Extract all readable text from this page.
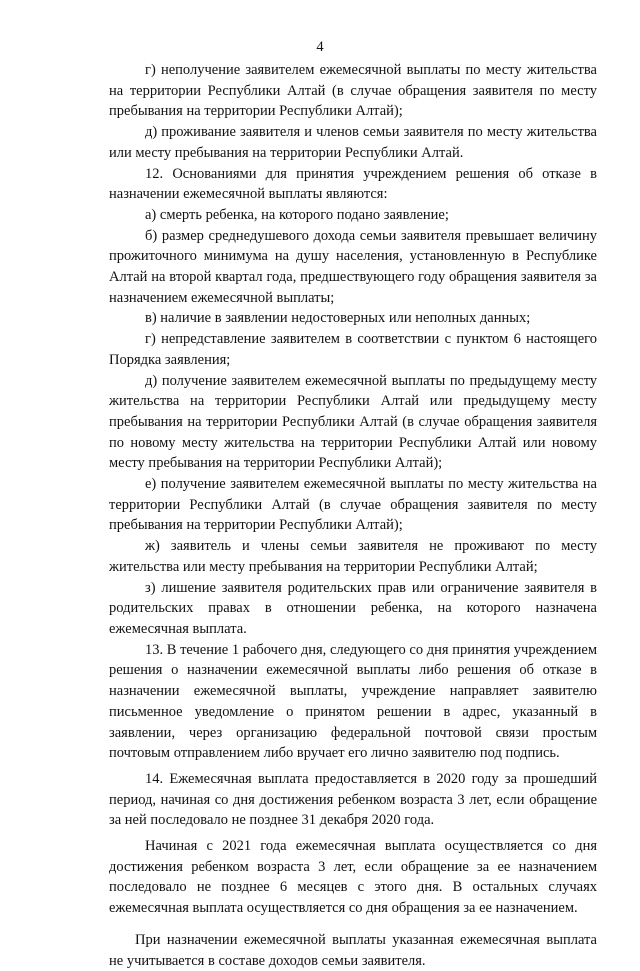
4

г) неполучение заявителем ежемесячной выплаты по месту жительства на территории Республики Алтай (в случае обращения заявителя по месту пребывания на территории Республики Алтай);

д) проживание заявителя и членов семьи заявителя по месту жительства или месту пребывания на территории Республики Алтай.

12. Основаниями для принятия учреждением решения об отказе в назначении ежемесячной выплаты являются:

а) смерть ребенка, на которого подано заявление;

б) размер среднедушевого дохода семьи заявителя превышает величину прожиточного минимума на душу населения, установленную в Республике Алтай на второй квартал года, предшествующего году обращения заявителя за назначением ежемесячной выплаты;

в) наличие в заявлении недостоверных или неполных данных;

г) непредставление заявителем в соответствии с пунктом 6 настоящего Порядка заявления;

д) получение заявителем ежемесячной выплаты по предыдущему месту жительства на территории Республики Алтай или предыдущему месту пребывания на территории Республики Алтай (в случае обращения заявителя по новому месту жительства на территории Республики Алтай или новому месту пребывания на территории Республики Алтай);

е) получение заявителем ежемесячной выплаты по месту жительства на территории Республики Алтай (в случае обращения заявителя по месту пребывания на территории Республики Алтай);

ж) заявитель и члены семьи заявителя не проживают по месту жительства или месту пребывания на территории Республики Алтай;

з) лишение заявителя родительских прав или ограничение заявителя в родительских правах в отношении ребенка, на которого назначена ежемесячная выплата.

13. В течение 1 рабочего дня, следующего со дня принятия учреждением решения о назначении ежемесячной выплаты либо решения об отказе в назначении ежемесячной выплаты, учреждение направляет заявителю письменное уведомление о принятом решении в адрес, указанный в заявлении, через организацию федеральной почтовой связи простым почтовым отправлением либо вручает его лично заявителю под подпись.

14. Ежемесячная выплата предоставляется в 2020 году за прошедший период, начиная со дня достижения ребенком возраста 3 лет, если обращение за ней последовало не позднее 31 декабря 2020 года.

Начиная с 2021 года ежемесячная выплата осуществляется со дня достижения ребенком возраста 3 лет, если обращение за ее назначением последовало не позднее 6 месяцев с этого дня. В остальных случаях ежемесячная выплата осуществляется со дня обращения за ее назначением.

При назначении ежемесячной выплаты указанная ежемесячная выплата не учитывается в составе доходов семьи заявителя.
